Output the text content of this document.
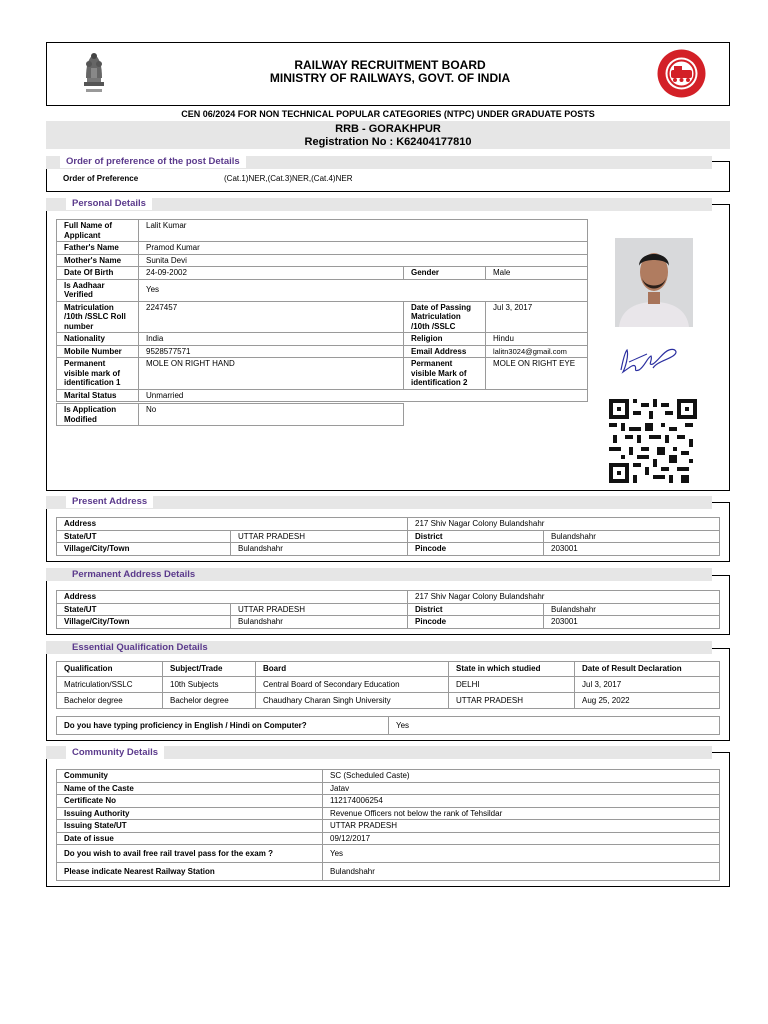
RAILWAY RECRUITMENT BOARD
MINISTRY OF RAILWAYS, GOVT. OF INDIA
CEN 06/2024 FOR NON TECHNICAL POPULAR CATEGORIES (NTPC) UNDER GRADUATE POSTS
RRB - GORAKHPUR
Registration No : K62404177810
Order of preference of the post Details
Order of Preference	(Cat.1)NER,(Cat.3)NER,(Cat.4)NER
Personal Details
Full Name of Applicant	Lalit Kumar		
Father's Name	Pramod Kumar		
Mother's Name	Sunita Devi		
Date Of Birth	24-09-2002	Gender	Male
Is Aadhaar Verified	Yes		
Matriculation /10th /SSLC Roll number	2247457	Date of Passing Matriculation /10th /SSLC	Jul 3, 2017
Nationality	India	Religion	Hindu
Mobile Number	9528577571	Email Address	lalitn3024@gmail.com
Permanent visible mark of identification 1	MOLE ON RIGHT HAND	Permanent visible Mark of identification 2	MOLE ON RIGHT EYE
Marital Status	Unmarried		
Is Application Modified	No
Present Address
Address		217 Shiv Nagar Colony Bulandshahr	
State/UT	UTTAR PRADESH	District	Bulandshahr
Village/City/Town	Bulandshahr	Pincode	203001
Permanent Address Details
Address		217 Shiv Nagar Colony Bulandshahr	
State/UT	UTTAR PRADESH	District	Bulandshahr
Village/City/Town	Bulandshahr	Pincode	203001
Essential Qualification Details
Qualification	Subject/Trade	Board	State in which studied	Date of Result Declaration
Matriculation/SSLC	10th Subjects	Central Board of Secondary Education	DELHI	Jul 3, 2017
Bachelor degree	Bachelor degree	Chaudhary Charan Singh University	UTTAR PRADESH	Aug 25, 2022
Do you have typing proficiency in English / Hindi on Computer?	Yes
Community Details
Community	SC (Scheduled Caste)
Name of the Caste	Jatav
Certificate No	112174006254
Issuing Authority	Revenue Officers not below the rank of Tehsildar
Issuing State/UT	UTTAR PRADESH
Date of issue	09/12/2017
Do you wish to avail free rail travel pass for the exam ?	Yes
Please indicate Nearest Railway Station	Bulandshahr
